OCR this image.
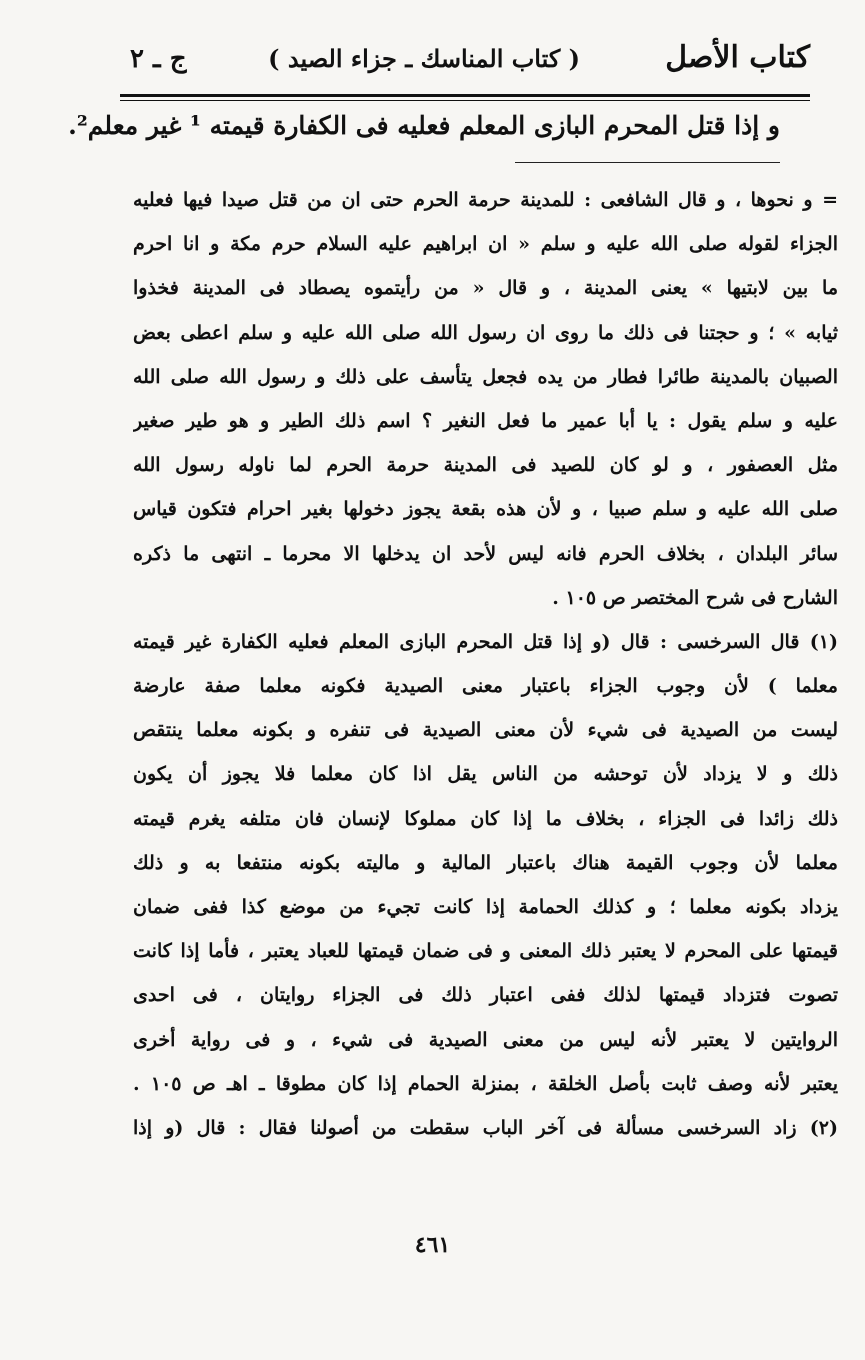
كتاب الأصل
( كتاب المناسك ـ جزاء الصيد )
ج ـ ٢
و إذا قتل المحرم البازى المعلم فعليه فى الكفارة قيمته ¹ غير معلم².
= و نحوها ، و قال الشافعى : للمدينة حرمة الحرم حتى ان من قتل صيدا فيها فعليه
الجزاء لقوله صلى الله عليه و سلم « ان ابراهيم عليه السلام حرم مكة و انا احرم
ما بين لابتيها » يعنى المدينة ، و قال « من رأيتموه يصطاد فى المدينة فخذوا
ثيابه » ؛ و حجتنا فى ذلك ما روى ان رسول الله صلى الله عليه و سلم اعطى بعض
الصبيان بالمدينة طائرا فطار من يده فجعل يتأسف على ذلك و رسول الله صلى الله
عليه و سلم يقول : يا أبا عمير ما فعل النغير ؟ اسم ذلك الطير و هو طير صغير
مثل العصفور ، و لو كان للصيد فى المدينة حرمة الحرم لما ناوله رسول الله
صلى الله عليه و سلم صبيا ، و لأن هذه بقعة يجوز دخولها بغير احرام فتكون قياس
سائر البلدان ، بخلاف الحرم فانه ليس لأحد ان يدخلها الا محرما ـ انتهى ما ذكره
الشارح فى شرح المختصر ص ١٠٥ .
(١) قال السرخسى : قال (و إذا قتل المحرم البازى المعلم فعليه الكفارة غير قيمته
معلما ) لأن وجوب الجزاء باعتبار معنى الصيدية فكونه معلما صفة عارضة
ليست من الصيدية فى شيء لأن معنى الصيدية فى تنفره و بكونه معلما ينتقص
ذلك و لا يزداد لأن توحشه من الناس يقل اذا كان معلما فلا يجوز أن يكون
ذلك زائدا فى الجزاء ، بخلاف ما إذا كان مملوكا لإنسان فان متلفه يغرم قيمته
معلما لأن وجوب القيمة هناك باعتبار المالية و ماليته بكونه منتفعا به و ذلك
يزداد بكونه معلما ؛ و كذلك الحمامة إذا كانت تجيء من موضع كذا ففى ضمان
قيمتها على المحرم لا يعتبر ذلك المعنى و فى ضمان قيمتها للعباد يعتبر ، فأما إذا كانت
تصوت فتزداد قيمتها لذلك ففى اعتبار ذلك فى الجزاء روايتان ، فى احدى
الروايتين لا يعتبر لأنه ليس من معنى الصيدية فى شيء ، و فى رواية أخرى
يعتبر لأنه وصف ثابت بأصل الخلقة ، بمنزلة الحمام إذا كان مطوقا ـ اهـ ص ١٠٥ .
(٢) زاد السرخسى مسألة فى آخر الباب سقطت من أصولنا فقال : قال (و إذا
٤٦١
